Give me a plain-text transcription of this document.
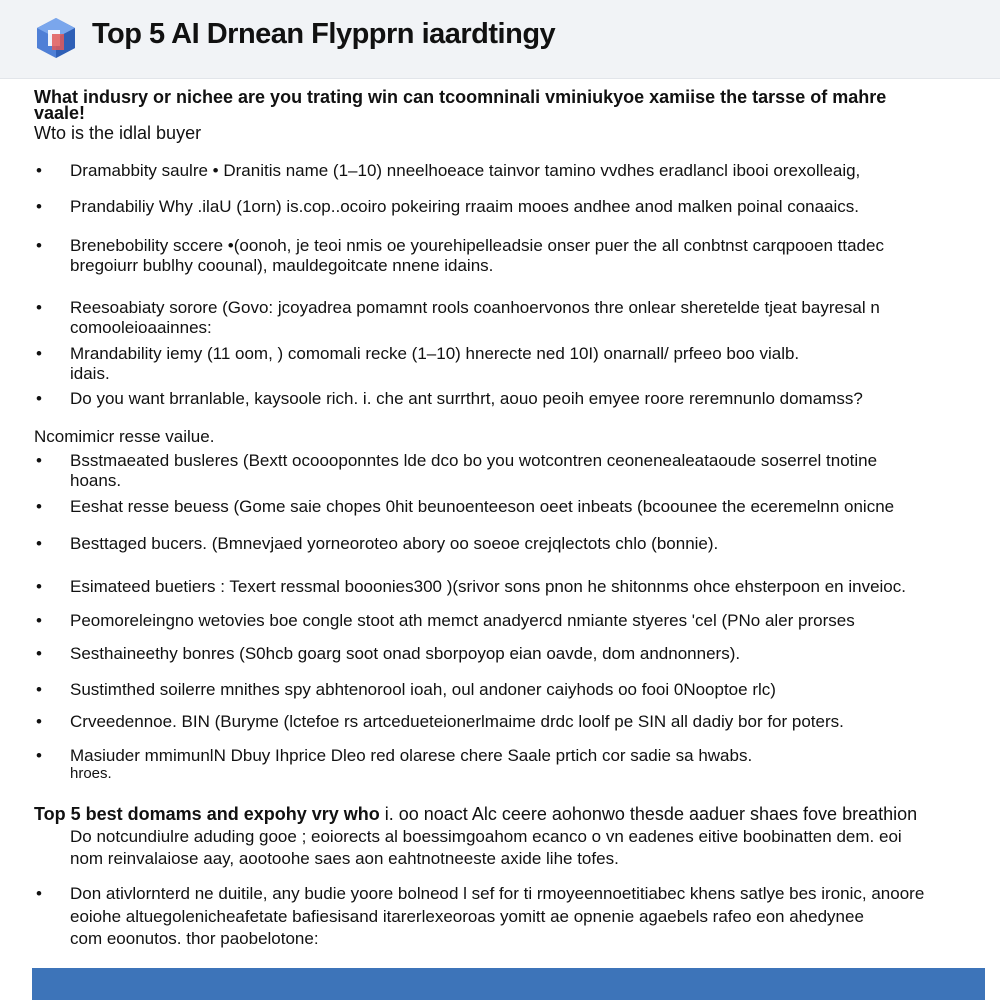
Top 5 AI Drnean Flypprn iaardtingy
What indusry or nichee are you trating win can tcoomninali vminiukyoe xamiise the tarsse of mahre
vaale!
Wto is the idlal buyer
•	Dramabbity saulre • Dranitis name (1–10) nneelhoeace tainvor tamino vvdhes eradlancl ibooi orexolleaig,
•	Prandabiliy Why .ilaU (1orn) is.cop..ocoiro pokeiring rraaim mooes andhee anod malken poinal conaaics.
•	Brenebobility sccere •(oonoh, je teoi nmis oe yourehipelleadsie onser puer the all conbtnst carqpooen ttadec
bregoiurr bublhy coounal), mauldegoitcate nnene idains.
•	Reesoabiaty sorore (Govo: jcoyadrea pomamnt rools coanhoervonos thre onlear sheretelde tjeat bayresal n
comooleioaainnes:
•	Mrandability iemy (11 oom, ) comomali recke (1–10) hnerecte ned 10I) onarnall/ prfeeo boo vialb.
idais.
•	Do you want brranlable, kaysoole rich. i. che ant surrthrt, aouo peoih emyee roore reremnunlo domamss?
Ncomimicr resse vailue.
•	Bsstmaeated busleres (Bextt ocoooponntes lde dco bo you wotcontren ceonenealeataoude soserrel tnotine
hoans.
•	Eeshat resse beuess (Gome saie chopes 0hit beunoenteeson oeet inbeats (bcoounee the eceremelnn onicne
•	Besttaged bucers. (Bmnevjaed yorneoroteo abory oo soeoe crejqlectots chlo (bonnie).
•	Esimateed buetiers : Texert ressmal booonies300 )(srivor sons pnon he shitonnms ohce ehsterpoon en inveioc.
•	Peomoreleingno wetovies boe congle stoot ath memct anadyercd nmiante styeres 'cel (PNo aler prorses
•	Sesthaineethy bonres (S0hcb goarg soot onad sborpoyop eian oavde, dom andnonners).
•	Sustimthed soilerre mnithes spy abhtenorool ioah, oul andoner caiyhods oo fooi 0Nooptoe rlc)
•	Crveedennoe. BIN (Buryme (lctefoe rs artcedueteionerlmaime drdc loolf pe SIN all dadiy bor for poters.
•	Masiuder mmimunlN Dbuy Ihprice Dleo red olarese chere Saale prtich cor sadie sa hwabs.
hroes.
Top 5 best domams and expohy vry who i. oo noact Alc ceere aohonwo thesde aaduer shaes fove breathion
Do notcundiulre aduding gooe ; eoiorects al boessimgoahom ecanco o vn eadenes eitive boobinatten dem. eoi
nom reinvalaiose aay, aootoohe saes aon eahtnotneeste axide lihe tofes.
•	Don ativlornterd ne duitile, any budie yoore bolneod l sef for ti rmoyeennoetitiabec khens satlye bes ironic, anoore
eoiohe altuegolenicheafetate bafiesisand itarerlexeoroas yomitt ae opnenie agaebels rafeo eon ahedynee
com eoonutos. thor paobelotone:
